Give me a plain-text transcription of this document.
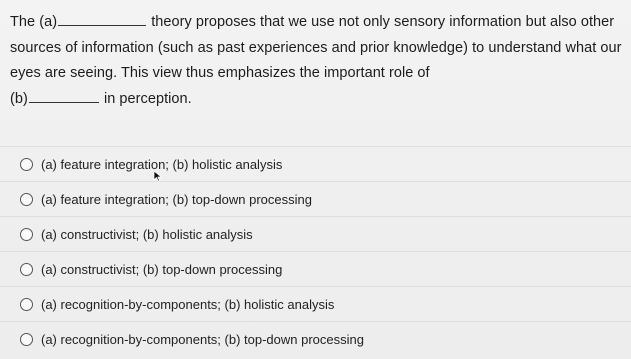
The (a)	theory proposes that we use not only sensory information but also other sources of information (such as past experiences and prior knowledge) to understand what our eyes are seeing. This view thus emphasizes the important role of
(b)	in perception.
(a) feature integration; (b) holistic analysis
(a) feature integration; (b) top-down processing
(a) constructivist; (b) holistic analysis
(a) constructivist; (b) top-down processing
(a) recognition-by-components; (b) holistic analysis
(a) recognition-by-components; (b) top-down processing
